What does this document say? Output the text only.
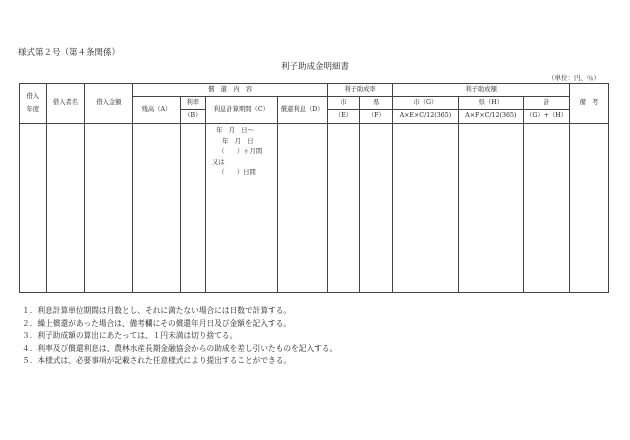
様式第２号（第４条関係）
利子助成金明細書
（単位：円、％）
借入
年度	借入者名	借入金額	償　還　内　容				利子助成率		利子助成額			備　考
			残高（A）	利率	利息計算期間（C）	償還利息（D）	市	県	市（G）	県（H）	計	
				（B）			（E）	（F）	A×E×C/12(365)	A×F×C/12(365)	（G）+（H）	

					年　月　日～
年　月　日
（　　）ヶ月間
又は
（　　）日間							

１．利息計算単位期間は月数とし、それに満たない場合には日数で計算する。
２．繰上償還があった場合は、備考欄にその償還年月日及び金額を記入する。
３．利子助成額の算出にあたっては、１円未満は切り捨てる。
４．利率及び償還利息は、農林水産長期金融協会からの助成を差し引いたものを記入する。
５．本様式は、必要事項が記載された任意様式により提出することができる。
